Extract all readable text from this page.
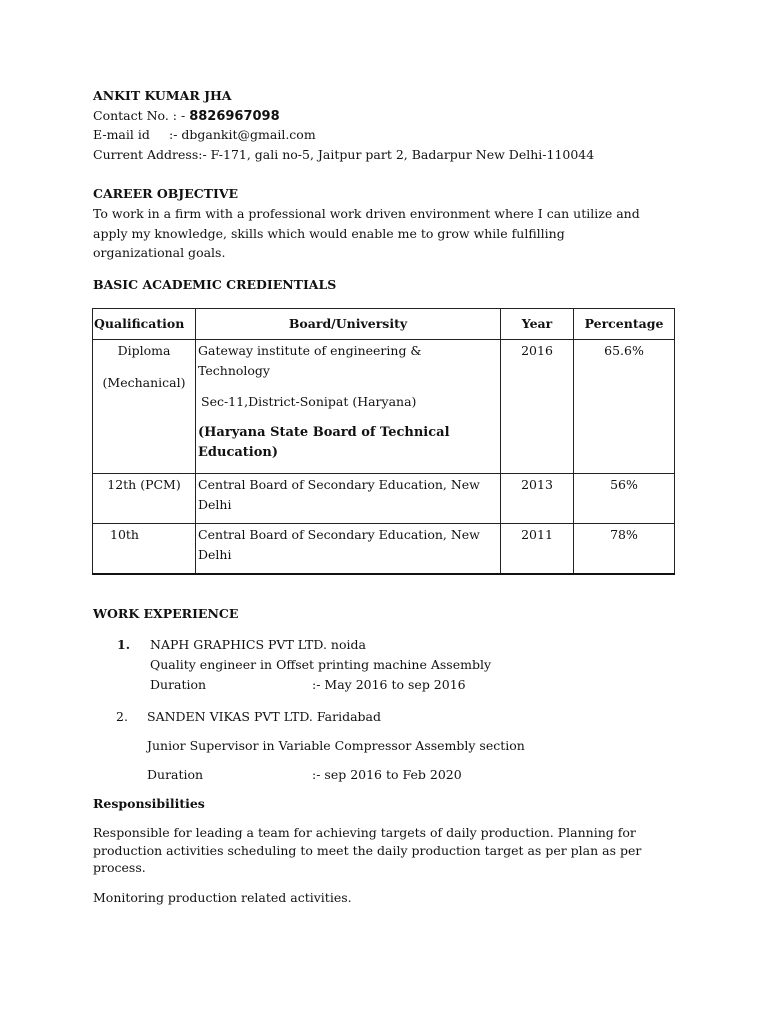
ANKIT KUMAR JHA
Contact No. : - 8826967098
E-mail id :- dbgankit@gmail.com
Current Address:- F-171, gali no-5, Jaitpur part 2, Badarpur New Delhi-110044
CAREER OBJECTIVE
To work in a firm with a professional work driven environment where I can utilize and
apply my knowledge, skills which would enable me to grow while fulfilling
organizational goals.
BASIC ACADEMIC CREDIENTIALS
Qualification	Board/University	Year	Percentage

Diploma
(Mechanical)	Gateway institute of engineering &
Technology
Sec-11,District-Sonipat (Haryana)
(Haryana State Board of Technical
Education)	2016	65.6%
12th (PCM)	Central Board of Secondary Education, New
Delhi	2013	56%
10th	Central Board of Secondary Education, New
Delhi	2011	78%
WORK EXPERIENCE
1. NAPH GRAPHICS PVT LTD. noida
Quality engineer in Offset printing machine Assembly
Duration	:- May 2016 to sep 2016
2. SANDEN VIKAS PVT LTD. Faridabad
Junior Supervisor in Variable Compressor Assembly section
Duration	:- sep 2016 to Feb 2020
Responsibilities
Responsible for leading a team for achieving targets of daily production. Planning for
production activities scheduling to meet the daily production target as per plan as per
process.
Monitoring production related activities.
